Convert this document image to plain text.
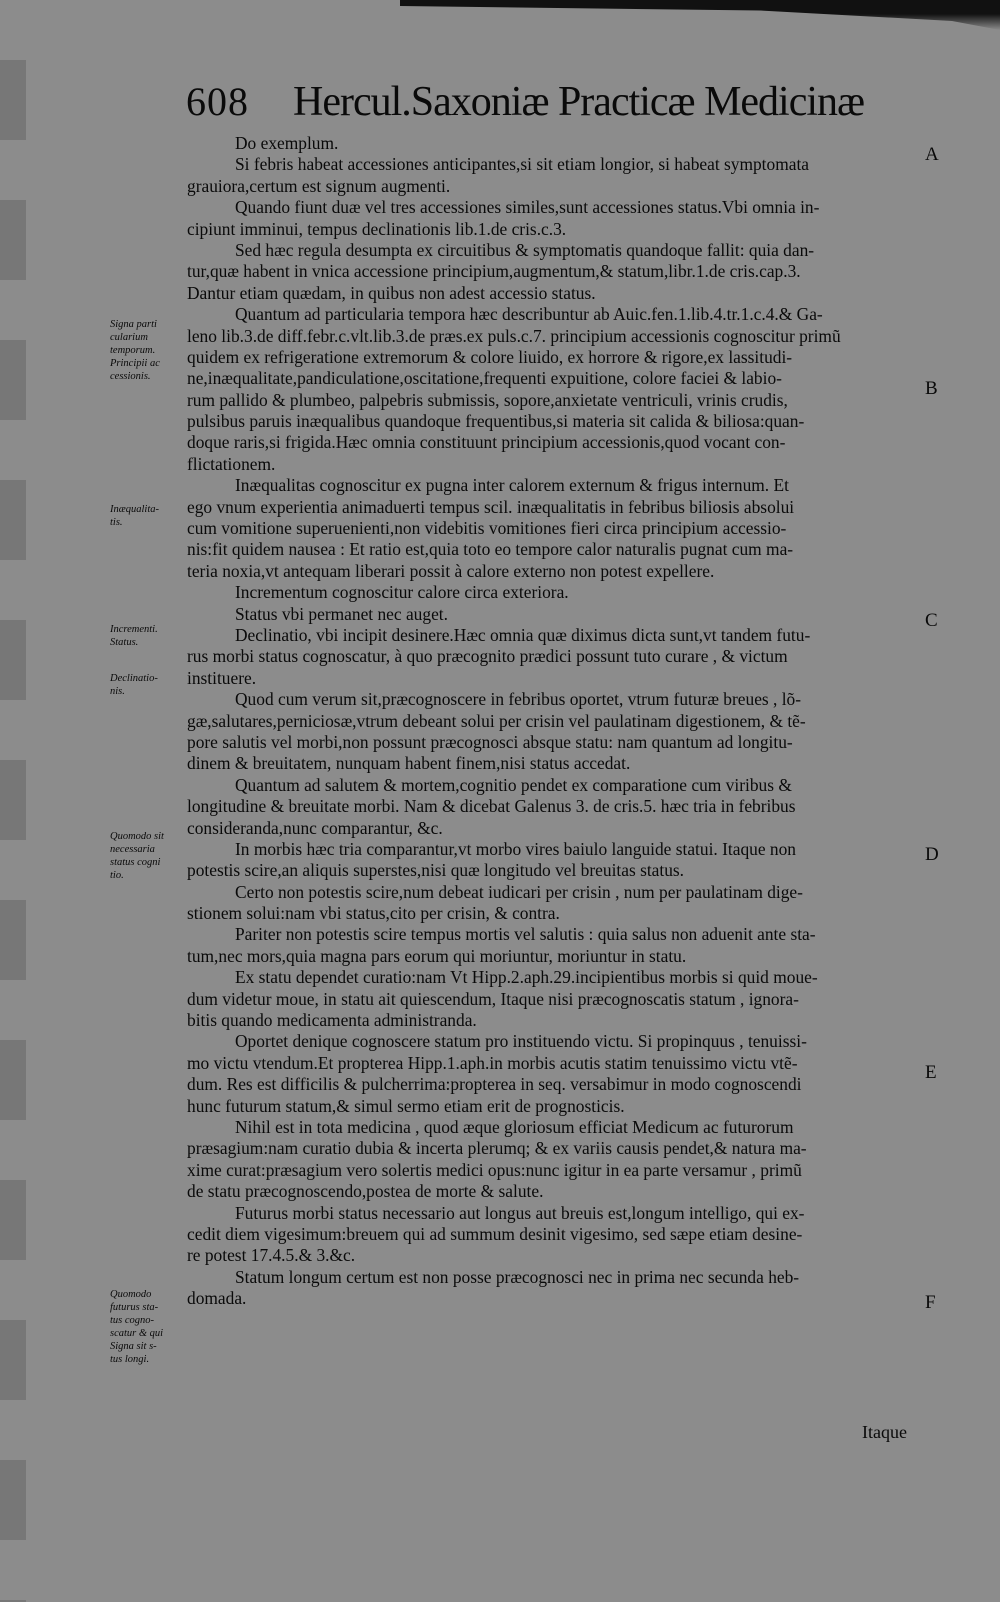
608 Hercul.Saxoniæ Practicæ Medicinæ
Do exemplum.
Si febris habeat accessiones anticipantes,si sit etiam longior, si habeat symptomata
grauiora,certum est signum augmenti.
Quando fiunt duæ vel tres accessiones similes,sunt accessiones status.Vbi omnia in-
cipiunt imminui, tempus declinationis lib.1.de cris.c.3.
Sed hæc regula desumpta ex circuitibus & symptomatis quandoque fallit: quia dan-
tur,quæ habent in vnica accessione principium,augmentum,& statum,libr.1.de cris.cap.3.
Dantur etiam quædam, in quibus non adest accessio status.
Quantum ad particularia tempora hæc describuntur ab Auic.fen.1.lib.4.tr.1.c.4.& Ga-
leno lib.3.de diff.febr.c.vlt.lib.3.de præs.ex puls.c.7. principium accessionis cognoscitur primũ
quidem ex refrigeratione extremorum & colore liuido, ex horrore & rigore,ex lassitudi-
ne,inæqualitate,pandiculatione,oscitatione,frequenti expuitione, colore faciei & labio-
rum pallido & plumbeo, palpebris submissis, sopore,anxietate ventriculi, vrinis crudis,
pulsibus paruis inæqualibus quandoque frequentibus,si materia sit calida & biliosa:quan-
doque raris,si frigida.Hæc omnia constituunt principium accessionis,quod vocant con-
flictationem.
Inæqualitas cognoscitur ex pugna inter calorem externum & frigus internum. Et
ego vnum experientia animaduerti tempus scil. inæqualitatis in febribus biliosis absolui
cum vomitione superuenienti,non videbitis vomitiones fieri circa principium accessio-
nis:fit quidem nausea : Et ratio est,quia toto eo tempore calor naturalis pugnat cum ma-
teria noxia,vt antequam liberari possit à calore externo non potest expellere.
Incrementum cognoscitur calore circa exteriora.
Status vbi permanet nec auget.
Declinatio, vbi incipit desinere.Hæc omnia quæ diximus dicta sunt,vt tandem futu-
rus morbi status cognoscatur, à quo præcognito prædici possunt tuto curare , & victum
instituere.
Quod cum verum sit,præcognoscere in febribus oportet, vtrum futuræ breues , lõ-
gæ,salutares,perniciosæ,vtrum debeant solui per crisin vel paulatinam digestionem, & tẽ-
pore salutis vel morbi,non possunt præcognosci absque statu: nam quantum ad longitu-
dinem & breuitatem, nunquam habent finem,nisi status accedat.
Quantum ad salutem & mortem,cognitio pendet ex comparatione cum viribus &
longitudine & breuitate morbi. Nam & dicebat Galenus 3. de cris.5. hæc tria in febribus
consideranda,nunc comparantur, &c.
In morbis hæc tria comparantur,vt morbo vires baiulo languide statui. Itaque non
potestis scire,an aliquis superstes,nisi quæ longitudo vel breuitas status.
Certo non potestis scire,num debeat iudicari per crisin , num per paulatinam dige-
stionem solui:nam vbi status,cito per crisin, & contra.
Pariter non potestis scire tempus mortis vel salutis : quia salus non aduenit ante sta-
tum,nec mors,quia magna pars eorum qui moriuntur, moriuntur in statu.
Ex statu dependet curatio:nam Vt Hipp.2.aph.29.incipientibus morbis si quid moue-
dum videtur moue, in statu ait quiescendum, Itaque nisi præcognoscatis statum , ignora-
bitis quando medicamenta administranda.
Oportet denique cognoscere statum pro instituendo victu. Si propinquus , tenuissi-
mo victu vtendum.Et propterea Hipp.1.aph.in morbis acutis statim tenuissimo victu vtẽ-
dum. Res est difficilis & pulcherrima:propterea in seq. versabimur in modo cognoscendi
hunc futurum statum,& simul sermo etiam erit de prognosticis.
Nihil est in tota medicina , quod æque gloriosum efficiat Medicum ac futurorum
præsagium:nam curatio dubia & incerta plerumq; & ex variis causis pendet,& natura ma-
xime curat:præsagium vero solertis medici opus:nunc igitur in ea parte versamur , primũ
de statu præcognoscendo,postea de morte & salute.
Futurus morbi status necessario aut longus aut breuis est,longum intelligo, qui ex-
cedit diem vigesimum:breuem qui ad summum desinit vigesimo, sed sæpe etiam desine-
re potest 17.4.5.& 3.&c.
Statum longum certum est non posse præcognosci nec in prima nec secunda heb-
domada.
Signa parti
cularium
temporum.
Principii ac
cessionis.
Inæqualita-
tis.
Incrementi.
Status.
Declinatio-
nis.
Quomodo sit
necessaria
status cogni
tio.
Quomodo
futurus sta-
tus cogno-
scatur & qui
Signa sit s-
tus longi.
A
B
C
D
E
F
Itaque
